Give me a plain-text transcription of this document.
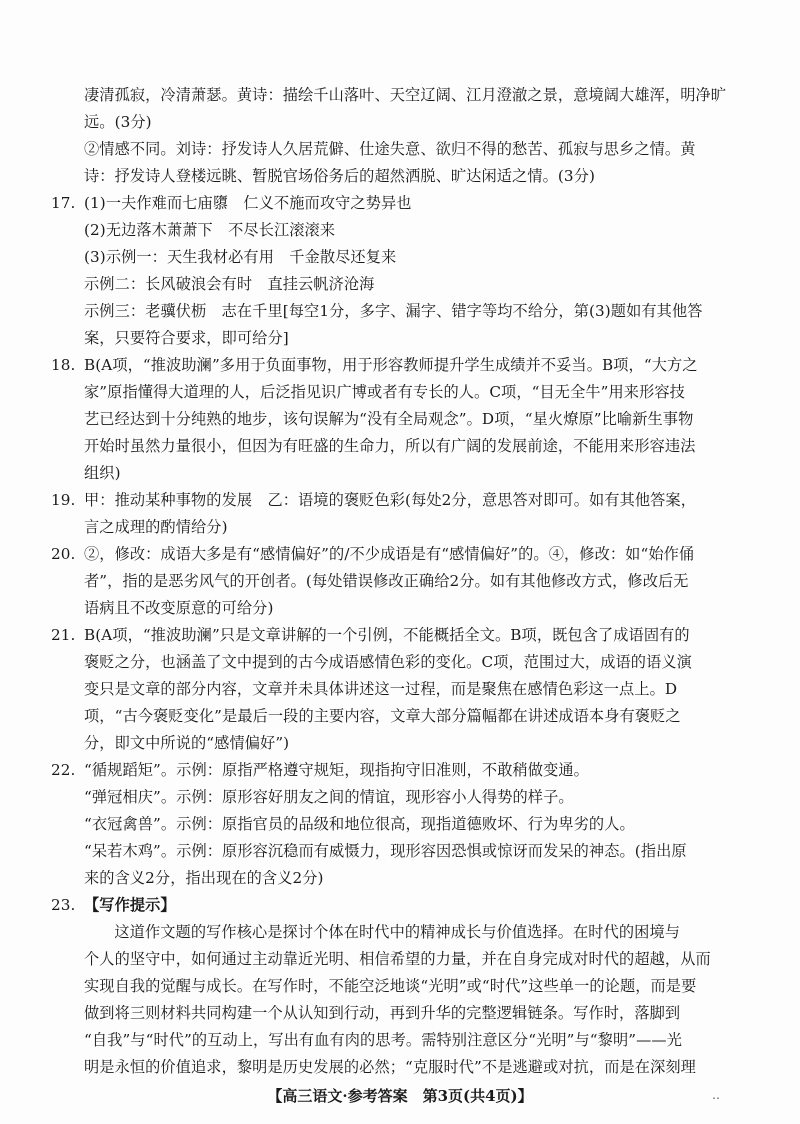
凄清孤寂，冷清萧瑟。黄诗：描绘千山落叶、天空辽阔、江月澄澈之景，意境阔大雄浑，明净旷

远。(3分)

②情感不同。刘诗：抒发诗人久居荒僻、仕途失意、欲归不得的愁苦、孤寂与思乡之情。黄

诗：抒发诗人登楼远眺、暂脱官场俗务后的超然洒脱、旷达闲适之情。(3分)

17. (1)一夫作难而七庙隳　仁义不施而攻守之势异也

(2)无边落木萧萧下　不尽长江滚滚来

(3)示例一：天生我材必有用　千金散尽还复来

示例二：长风破浪会有时　直挂云帆济沧海

示例三：老骥伏枥　志在千里[每空1分，多字、漏字、错字等均不给分，第(3)题如有其他答

案，只要符合要求，即可给分]

18. B(A项，“推波助澜”多用于负面事物，用于形容教师提升学生成绩并不妥当。B项，“大方之

家”原指懂得大道理的人，后泛指见识广博或者有专长的人。C项，“目无全牛”用来形容技

艺已经达到十分纯熟的地步，该句误解为“没有全局观念”。D项，“星火燎原”比喻新生事物

开始时虽然力量很小，但因为有旺盛的生命力，所以有广阔的发展前途，不能用来形容违法

组织)

19. 甲：推动某种事物的发展　乙：语境的褒贬色彩(每处2分，意思答对即可。如有其他答案，

言之成理的酌情给分)

20. ②，修改：成语大多是有“感情偏好”的/不少成语是有“感情偏好”的。④，修改：如“始作俑

者”，指的是恶劣风气的开创者。(每处错误修改正确给2分。如有其他修改方式，修改后无

语病且不改变原意的可给分)

21. B(A项，“推波助澜”只是文章讲解的一个引例，不能概括全文。B项，既包含了成语固有的

褒贬之分，也涵盖了文中提到的古今成语感情色彩的变化。C项，范围过大，成语的语义演

变只是文章的部分内容，文章并未具体讲述这一过程，而是聚焦在感情色彩这一点上。D

项，“古今褒贬变化”是最后一段的主要内容，文章大部分篇幅都在讲述成语本身有褒贬之

分，即文中所说的“感情偏好”)

22. “循规蹈矩”。示例：原指严格遵守规矩，现指拘守旧准则，不敢稍做变通。

“弹冠相庆”。示例：原形容好朋友之间的情谊，现形容小人得势的样子。

“衣冠禽兽”。示例：原指官员的品级和地位很高，现指道德败坏、行为卑劣的人。

“呆若木鸡”。示例：原形容沉稳而有威慑力，现形容因恐惧或惊讶而发呆的神态。(指出原

来的含义2分，指出现在的含义2分)

23. 【写作提示】

这道作文题的写作核心是探讨个体在时代中的精神成长与价值选择。在时代的困境与

个人的坚守中，如何通过主动靠近光明、相信希望的力量，并在自身完成对时代的超越，从而

实现自我的觉醒与成长。在写作时，不能空泛地谈“光明”或“时代”这些单一的论题，而是要

做到将三则材料共同构建一个从认知到行动，再到升华的完整逻辑链条。写作时，落脚到

“自我”与“时代”的互动上，写出有血有肉的思考。需特别注意区分“光明”与“黎明”——光

明是永恒的价值追求，黎明是历史发展的必然；“克服时代”不是逃避或对抗，而是在深刻理

【高三语文·参考答案　第3页(共4页)】	‥
